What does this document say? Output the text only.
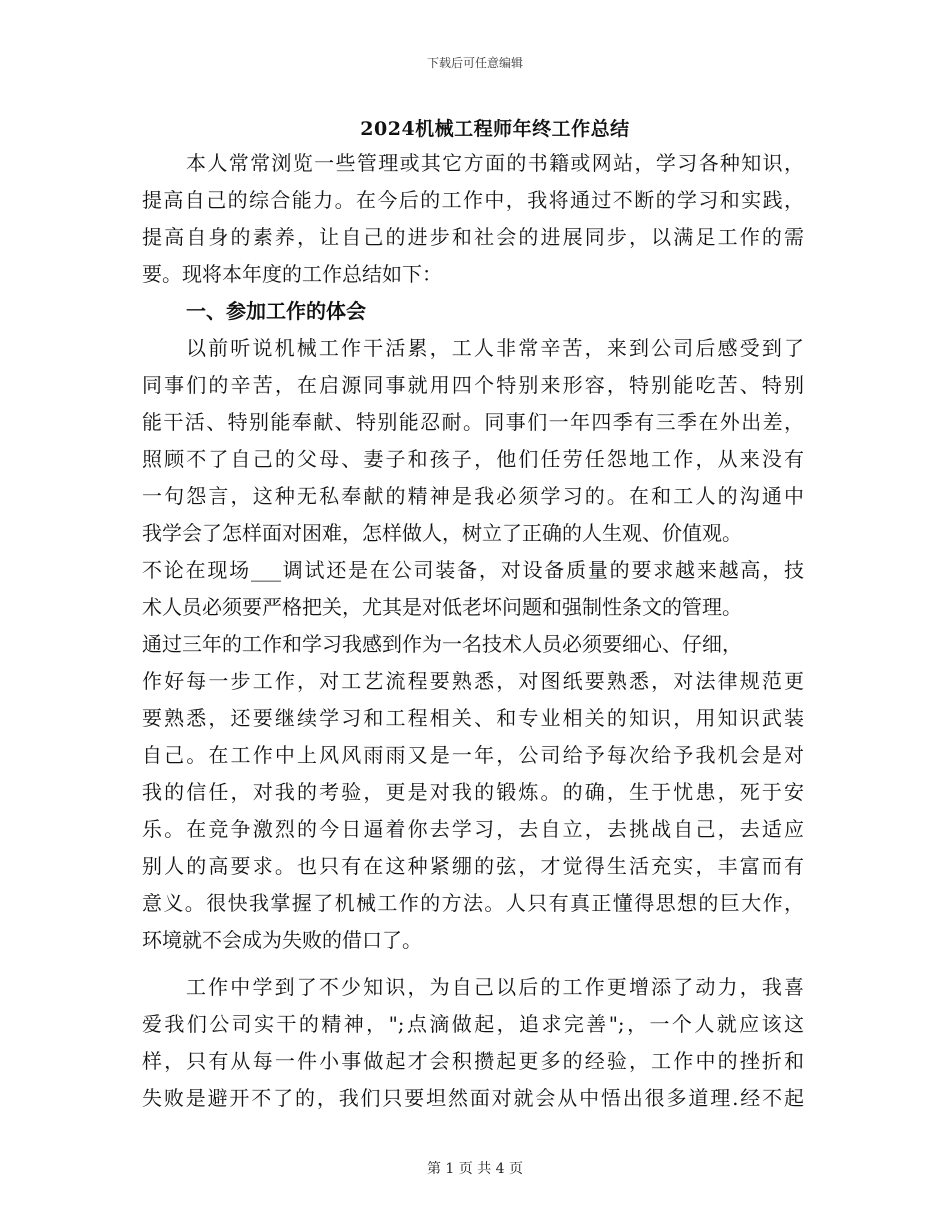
下载后可任意编辑
2024机械工程师年终工作总结
本人常常浏览一些管理或其它方面的书籍或网站，学习各种知识，
提高自己的综合能力。在今后的工作中，我将通过不断的学习和实践，
提高自身的素养，让自己的进步和社会的进展同步，以满足工作的需
要。现将本年度的工作总结如下：
一、参加工作的体会
以前听说机械工作干活累，工人非常辛苦，来到公司后感受到了
同事们的辛苦，在启源同事就用四个特别来形容，特别能吃苦、特别
能干活、特别能奉献、特别能忍耐。同事们一年四季有三季在外出差，
照顾不了自己的父母、妻子和孩子，他们任劳任怨地工作，从来没有
一句怨言，这种无私奉献的精神是我必须学习的。在和工人的沟通中
我学会了怎样面对困难，怎样做人，树立了正确的人生观、价值观。
不论在现场___调试还是在公司装备，对设备质量的要求越来越高，技
术人员必须要严格把关，尤其是对低老坏问题和强制性条文的管理。
通过三年的工作和学习我感到作为一名技术人员必须要细心、仔细，
作好每一步工作，对工艺流程要熟悉，对图纸要熟悉，对法律规范更
要熟悉，还要继续学习和工程相关、和专业相关的知识，用知识武装
自己。在工作中上风风雨雨又是一年，公司给予每次给予我机会是对
我的信任，对我的考验，更是对我的锻炼。的确，生于忧患，死于安
乐。在竞争激烈的今日逼着你去学习，去自立，去挑战自己，去适应
别人的高要求。也只有在这种紧绷的弦，才觉得生活充实，丰富而有
意义。很快我掌握了机械工作的方法。人只有真正懂得思想的巨大作，
环境就不会成为失败的借口了。
工作中学到了不少知识，为自己以后的工作更增添了动力，我喜
爱我们公司实干的精神，";点滴做起，追求完善";，一个人就应该这
样，只有从每一件小事做起才会积攒起更多的经验，工作中的挫折和
失败是避开不了的，我们只要坦然面对就会从中悟出很多道理.经不起
第 1 页 共 4 页
